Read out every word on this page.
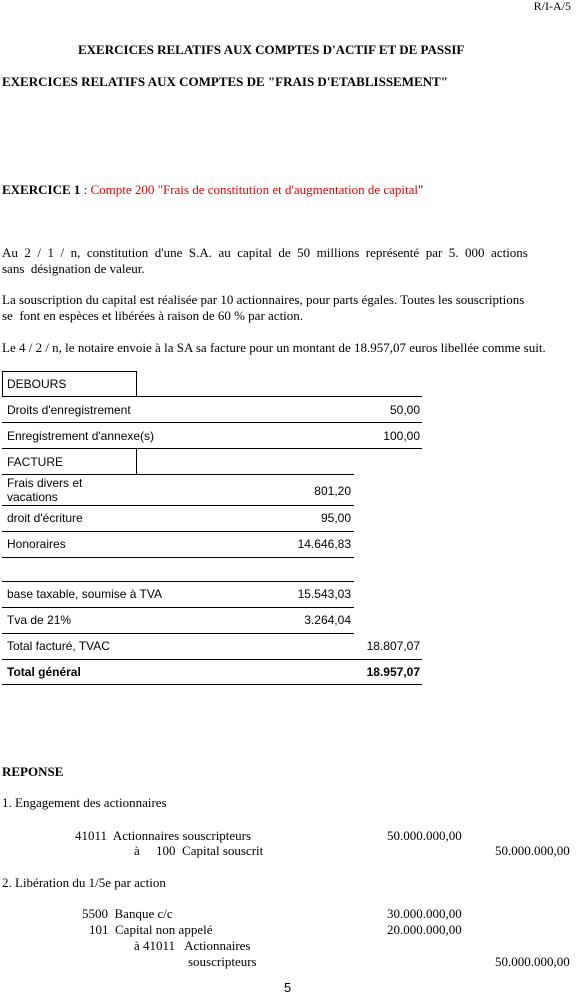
R/I-A/5
EXERCICES RELATIFS AUX COMPTES D'ACTIF ET DE PASSIF
EXERCICES RELATIFS AUX COMPTES DE "FRAIS D'ETABLISSEMENT"
EXERCICE 1 : Compte 200 "Frais de constitution et d'augmentation de capital"
Au  2  /  1  /  n,  constitution  d'une  S.A.  au  capital  de  50  millions  représenté  par  5.  000  actions
sans  désignation de valeur.
La souscription du capital est réalisée par 10 actionnaires, pour parts égales. Toutes les souscriptions
se  font en espèces et libérées à raison de 60 % par action.
Le 4 / 2 / n, le notaire envoie à la SA sa facture pour un montant de 18.957,07 euros libellée comme suit.
DEBOURS
Droits d'enregistrement	50,00
Enregistrement d'annexe(s)	100,00
FACTURE
Frais divers et
vacations	801,20
droit d'écriture	95,00
Honoraires	14.646,83
base taxable, soumise à TVA	15.543,03
Tva de 21%	3.264,04
Total facturé, TVAC	18.807,07
Total général	18.957,07
REPONSE
1. Engagement des actionnaires
41011  Actionnaires souscripteurs	50.000.000,00
à     100  Capital souscrit	50.000.000,00
2. Libération du 1/5e par action
5500  Banque c/c	30.000.000,00
101  Capital non appelé	20.000.000,00
à 41011   Actionnaires
souscripteurs	50.000.000,00
5
